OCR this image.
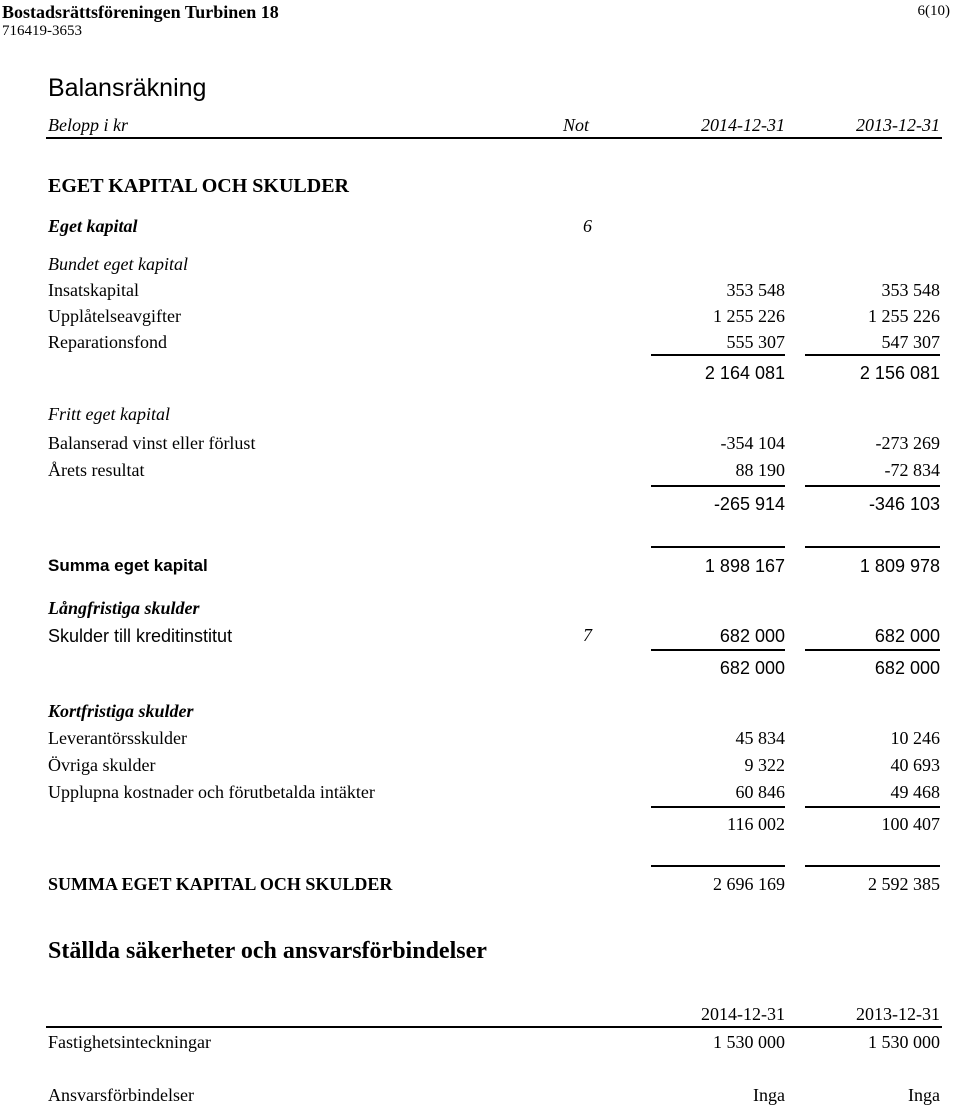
Bostadsrättsföreningen Turbinen 18
716419-3653
6(10)
Balansräkning
Belopp i kr	Not	2014-12-31	2013-12-31
EGET KAPITAL OCH SKULDER
Eget kapital	6
Bundet eget kapital
Insatskapital	353 548	353 548
Upplåtelseavgifter	1 255 226	1 255 226
Reparationsfond	555 307	547 307
2 164 081	2 156 081
Fritt eget kapital
Balanserad vinst eller förlust	-354 104	-273 269
Årets resultat	88 190	-72 834
-265 914	-346 103
Summa eget kapital	1 898 167	1 809 978
Långfristiga skulder
Skulder till kreditinstitut	7	682 000	682 000
682 000	682 000
Kortfristiga skulder
Leverantörsskulder	45 834	10 246
Övriga skulder	9 322	40 693
Upplupna kostnader och förutbetalda intäkter	60 846	49 468
116 002	100 407
SUMMA EGET KAPITAL OCH SKULDER	2 696 169	2 592 385
Ställda säkerheter och ansvarsförbindelser
2014-12-31	2013-12-31
Fastighetsinteckningar	1 530 000	1 530 000
Ansvarsförbindelser	Inga	Inga
